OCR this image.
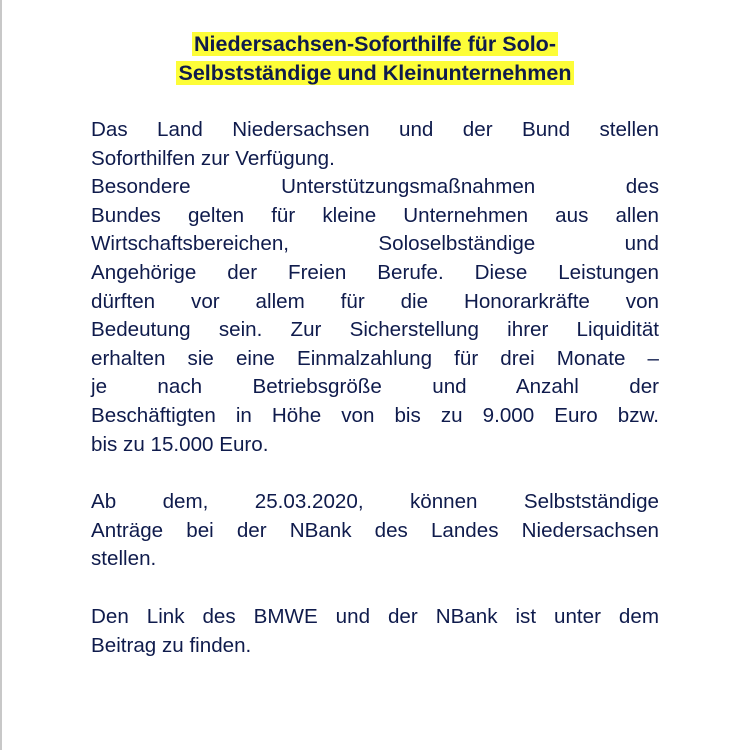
Niedersachsen-Soforthilfe für Solo-
Selbstständige und Kleinunternehmen

Das Land Niedersachsen und der Bund stellen
Soforthilfen zur Verfügung.

Besondere Unterstützungsmaßnahmen des
Bundes gelten für kleine Unternehmen aus allen
Wirtschaftsbereichen, Soloselbständige und
Angehörige der Freien Berufe. Diese Leistungen
dürften vor allem für die Honorarkräfte von
Bedeutung sein. Zur Sicherstellung ihrer Liquidität
erhalten sie eine Einmalzahlung für drei Monate –
je nach Betriebsgröße und Anzahl der
Beschäftigten in Höhe von bis zu 9.000 Euro bzw.
bis zu 15.000 Euro.

Ab dem, 25.03.2020, können Selbstständige
Anträge bei der NBank des Landes Niedersachsen
stellen.

Den Link des BMWE und der NBank ist unter dem
Beitrag zu finden.
